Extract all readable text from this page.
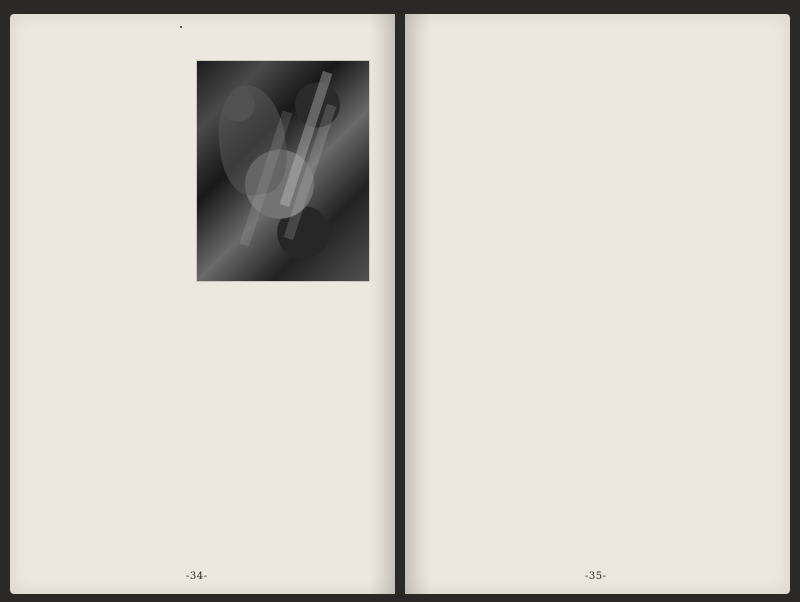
-34-	-35-
